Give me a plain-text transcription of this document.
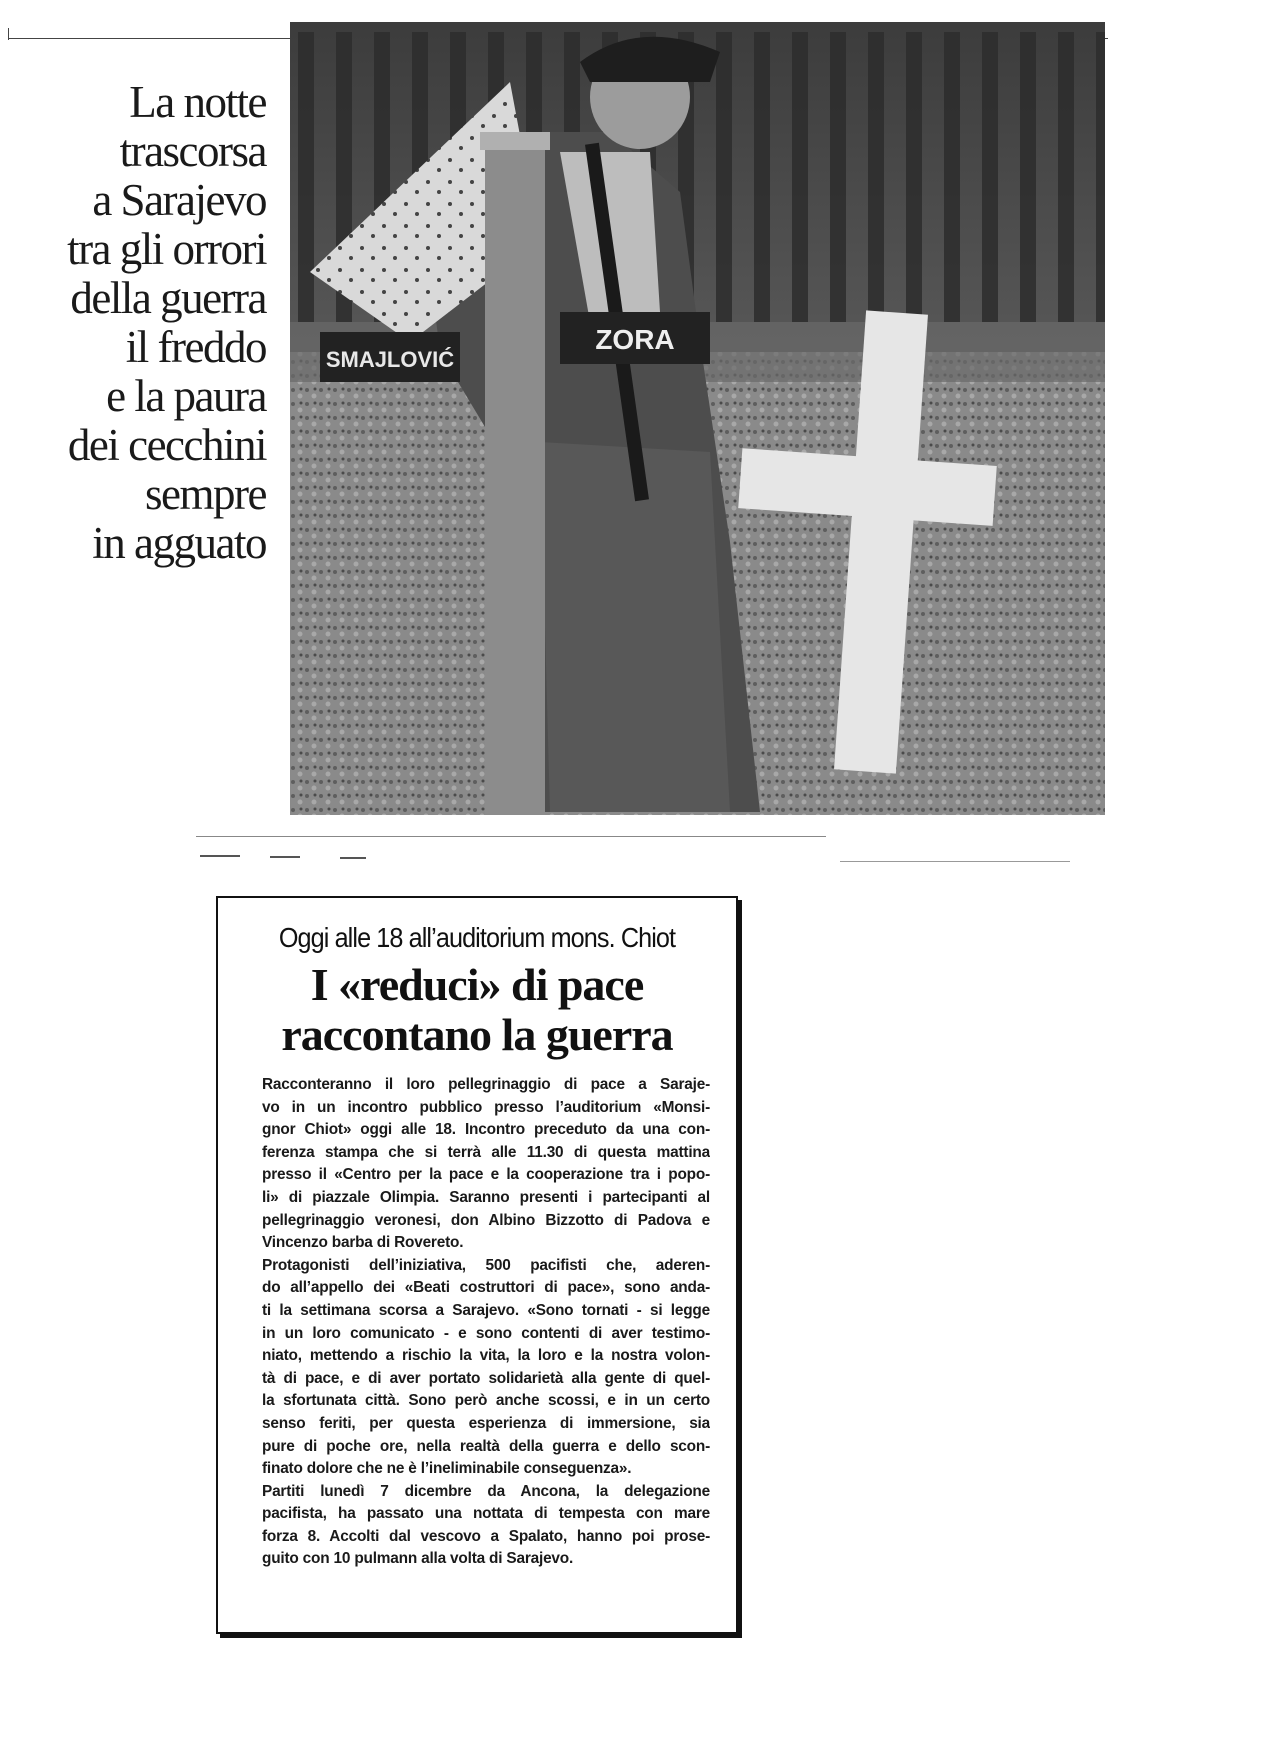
La notte
trascorsa
a Sarajevo
tra gli orrori
della guerra
il freddo
e la paura
dei cecchini
sempre
in agguato
SMAJLOVIĆ
ZORA
Oggi alle 18 all’auditorium mons. Chiot
I «reduci» di pace
raccontano la guerra

Racconteranno il loro pellegrinaggio di pace a Saraje-
vo in un incontro pubblico presso l’auditorium «Monsi-
gnor Chiot» oggi alle 18. Incontro preceduto da una con-
ferenza stampa che si terrà alle 11.30 di questa mattina
presso il «Centro per la pace e la cooperazione tra i popo-
li» di piazzale Olimpia. Saranno presenti i partecipanti al
pellegrinaggio veronesi, don Albino Bizzotto di Padova e
Vincenzo barba di Rovereto.

Protagonisti dell’iniziativa, 500 pacifisti che, aderen-
do all’appello dei «Beati costruttori di pace», sono anda-
ti la settimana scorsa a Sarajevo. «Sono tornati - si legge
in un loro comunicato - e sono contenti di aver testimo-
niato, mettendo a rischio la vita, la loro e la nostra volon-
tà di pace, e di aver portato solidarietà alla gente di quel-
la sfortunata città. Sono però anche scossi, e in un certo
senso feriti, per questa esperienza di immersione, sia
pure di poche ore, nella realtà della guerra e dello scon-
finato dolore che ne è l’ineliminabile conseguenza».

Partiti lunedì 7 dicembre da Ancona, la delegazione
pacifista, ha passato una nottata di tempesta con mare
forza 8. Accolti dal vescovo a Spalato, hanno poi prose-
guito con 10 pulmann alla volta di Sarajevo.
